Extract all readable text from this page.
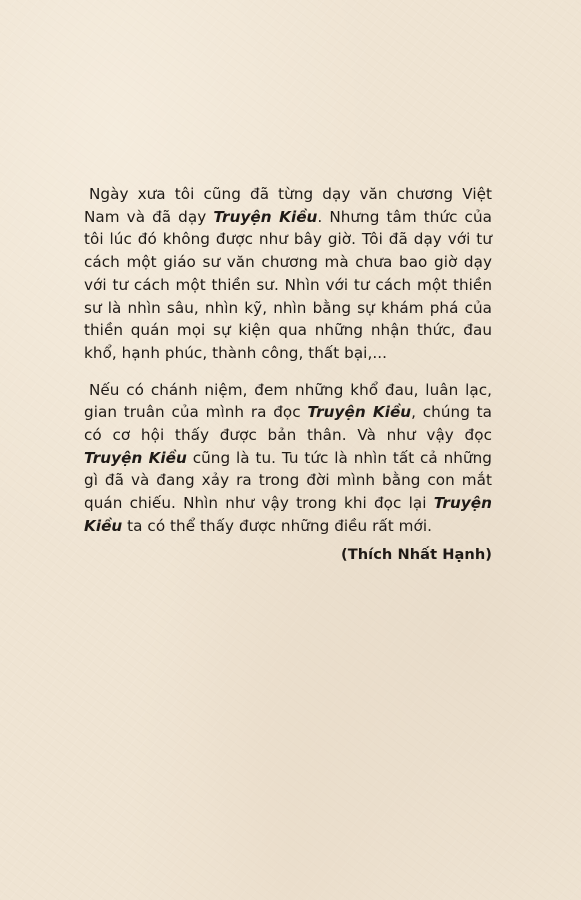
Ngày xưa tôi cũng đã từng dạy văn chương Việt Nam và đã dạy Truyện Kiều. Nhưng tâm thức của tôi lúc đó không được như bây giờ. Tôi đã dạy với tư cách một giáo sư văn chương mà chưa bao giờ dạy với tư cách một thiền sư. Nhìn với tư cách một thiền sư là nhìn sâu, nhìn kỹ, nhìn bằng sự khám phá của thiền quán mọi sự kiện qua những nhận thức, đau khổ, hạnh phúc, thành công, thất bại,...

Nếu có chánh niệm, đem những khổ đau, luân lạc, gian truân của mình ra đọc Truyện Kiều, chúng ta có cơ hội thấy được bản thân. Và như vậy đọc Truyện Kiều cũng là tu. Tu tức là nhìn tất cả những gì đã và đang xảy ra trong đời mình bằng con mắt quán chiếu. Nhìn như vậy trong khi đọc lại Truyện Kiều ta có thể thấy được những điều rất mới.

(Thích Nhất Hạnh)
